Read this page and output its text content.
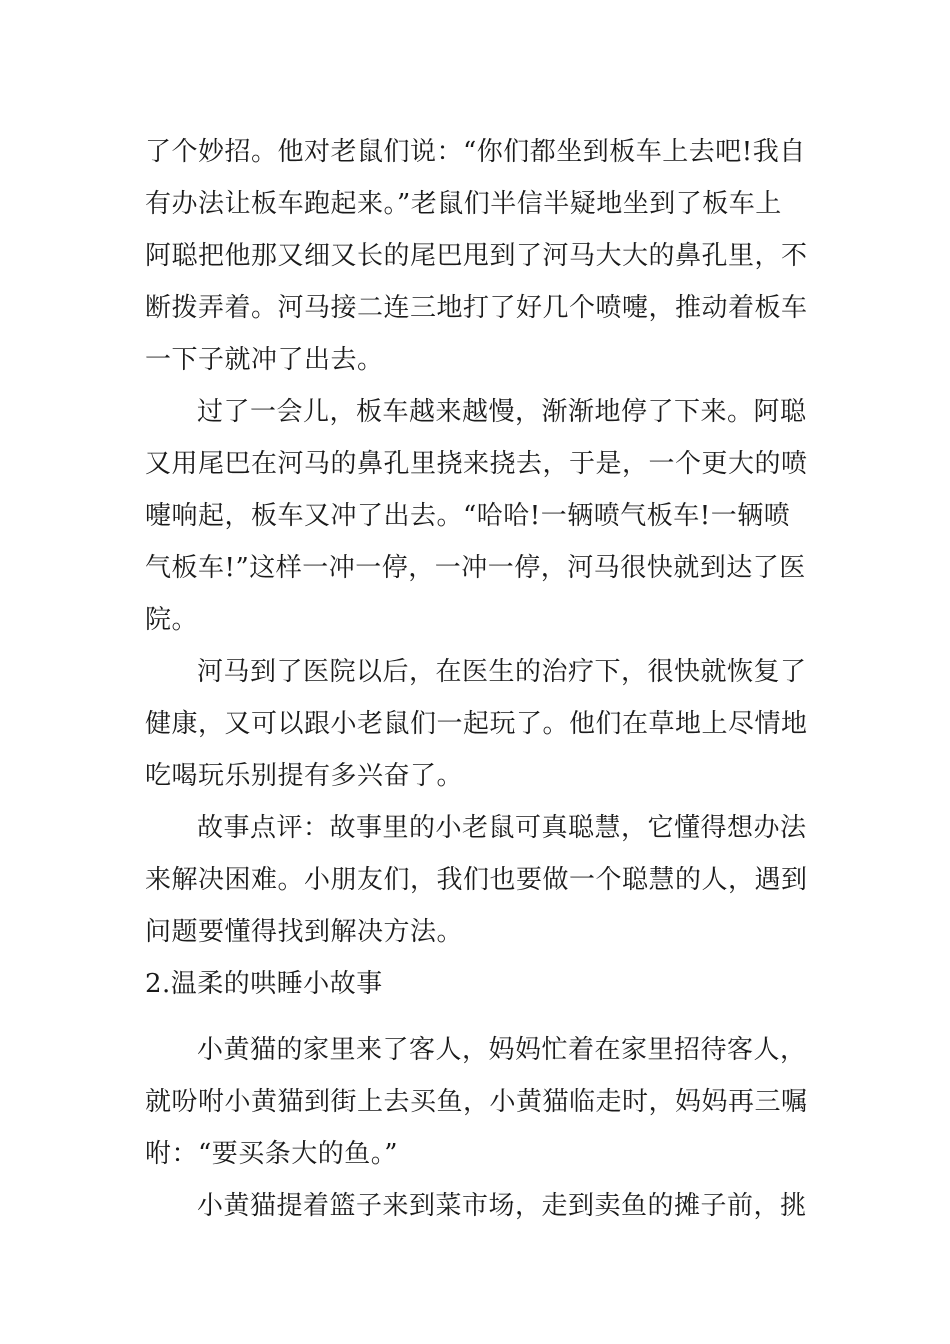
了个妙招。他对老鼠们说：“你们都坐到板车上去吧!我自
有办法让板车跑起来。”老鼠们半信半疑地坐到了板车上
阿聪把他那又细又长的尾巴甩到了河马大大的鼻孔里，不
断拨弄着。河马接二连三地打了好几个喷嚏，推动着板车
一下子就冲了出去。
过了一会儿，板车越来越慢，渐渐地停了下来。阿聪
又用尾巴在河马的鼻孔里挠来挠去，于是，一个更大的喷
嚏响起，板车又冲了出去。“哈哈!一辆喷气板车!一辆喷
气板车!”这样一冲一停，一冲一停，河马很快就到达了医
院。
河马到了医院以后，在医生的治疗下，很快就恢复了
健康，又可以跟小老鼠们一起玩了。他们在草地上尽情地
吃喝玩乐别提有多兴奋了。
故事点评：故事里的小老鼠可真聪慧，它懂得想办法
来解决困难。小朋友们，我们也要做一个聪慧的人，遇到
问题要懂得找到解决方法。
2.温柔的哄睡小故事
小黄猫的家里来了客人，妈妈忙着在家里招待客人，
就吩咐小黄猫到街上去买鱼，小黄猫临走时，妈妈再三嘱
咐：“要买条大的鱼。”
小黄猫提着篮子来到菜市场，走到卖鱼的摊子前，挑
